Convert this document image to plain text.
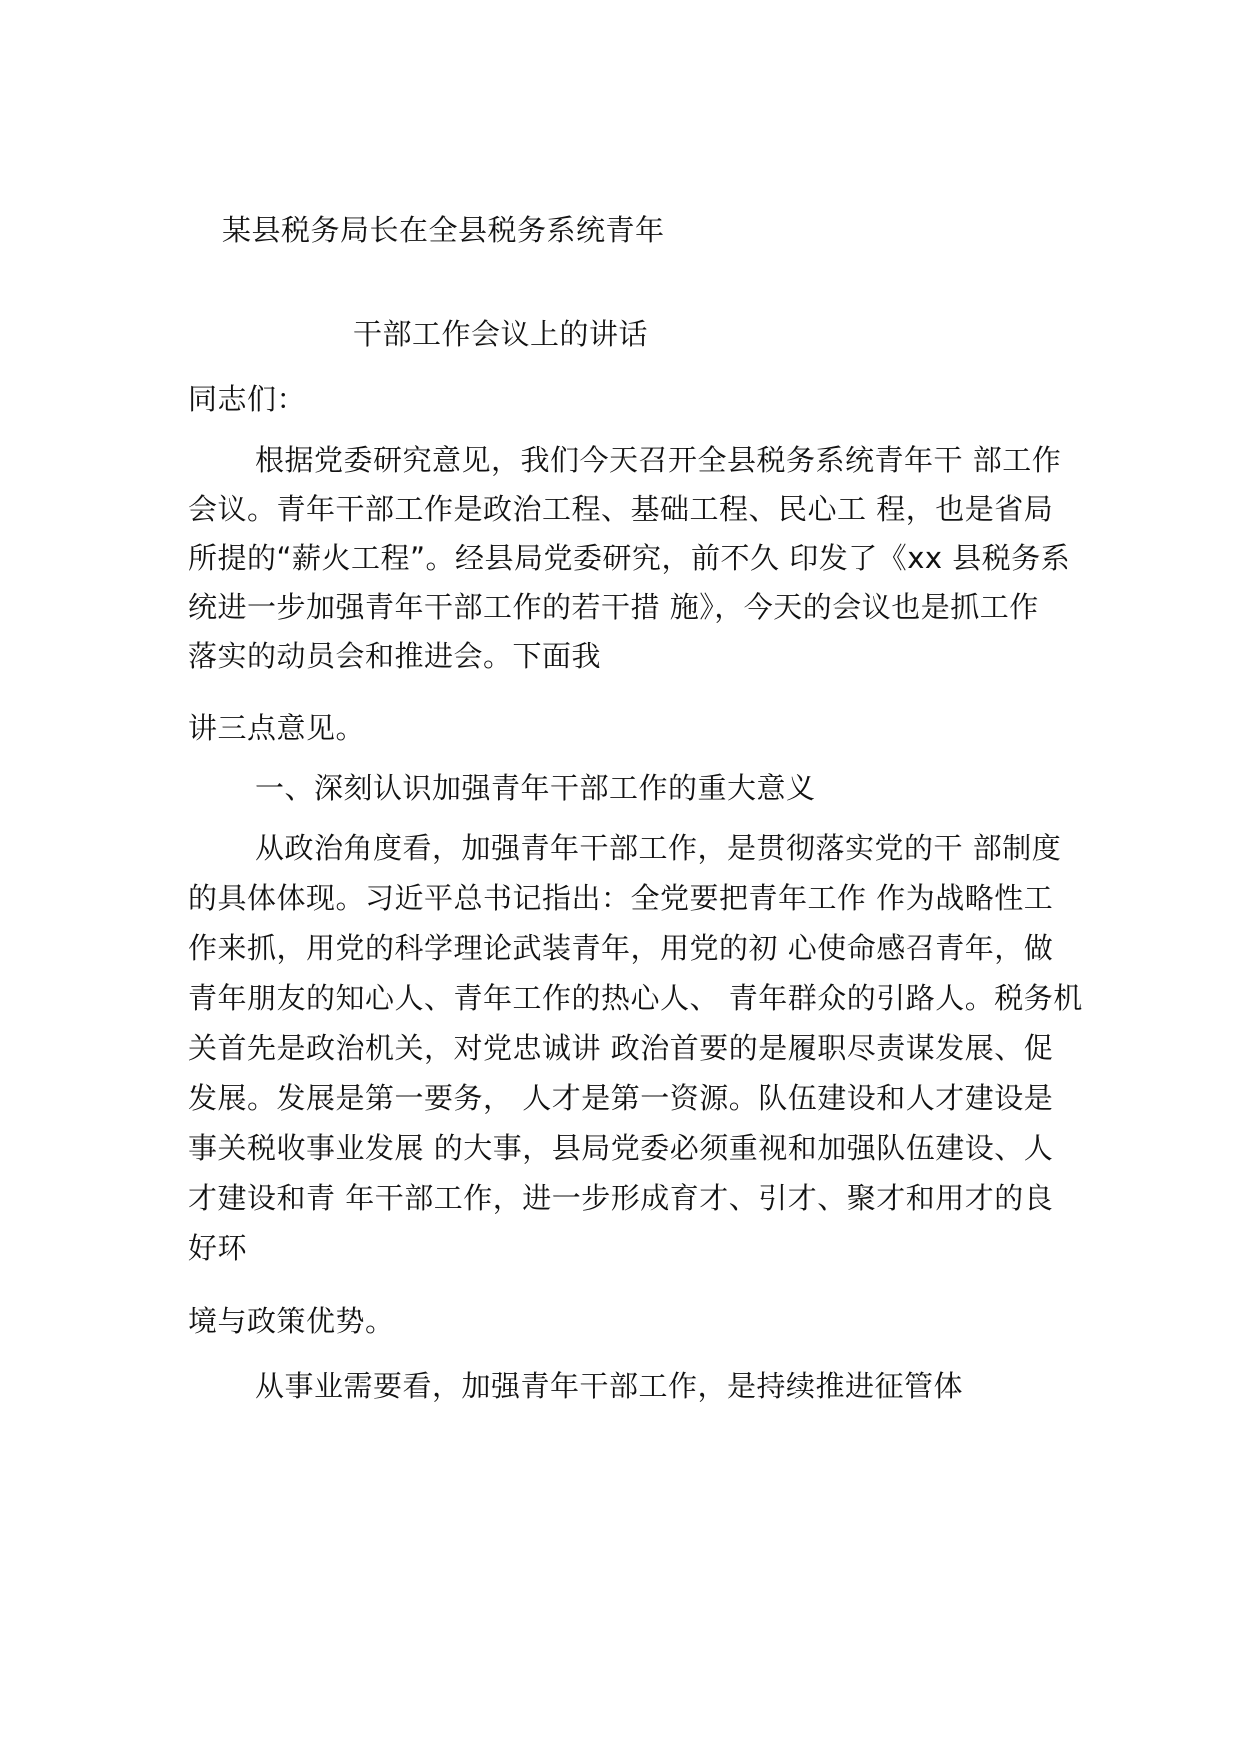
某县税务局长在全县税务系统青年

干部工作会议上的讲话

同志们：

根据党委研究意见，我们今天召开全县税务系统青年干 部工作

会议。青年干部工作是政治工程、基础工程、民心工 程，也是省局

所提的“薪火工程”。经县局党委研究，前不久 印发了《xx 县税务系

统进一步加强青年干部工作的若干措 施》，今天的会议也是抓工作

落实的动员会和推进会。下面我

讲三点意见。

一、深刻认识加强青年干部工作的重大意义

从政治角度看，加强青年干部工作，是贯彻落实党的干 部制度

的具体体现。习近平总书记指出：全党要把青年工作 作为战略性工

作来抓，用党的科学理论武装青年，用党的初 心使命感召青年，做

青年朋友的知心人、青年工作的热心人、 青年群众的引路人。税务机

关首先是政治机关，对党忠诚讲 政治首要的是履职尽责谋发展、促

发展。发展是第一要务， 人才是第一资源。队伍建设和人才建设是

事关税收事业发展 的大事，县局党委必须重视和加强队伍建设、人

才建设和青 年干部工作，进一步形成育才、引才、聚才和用才的良

好环

境与政策优势。

从事业需要看，加强青年干部工作，是持续推进征管体
